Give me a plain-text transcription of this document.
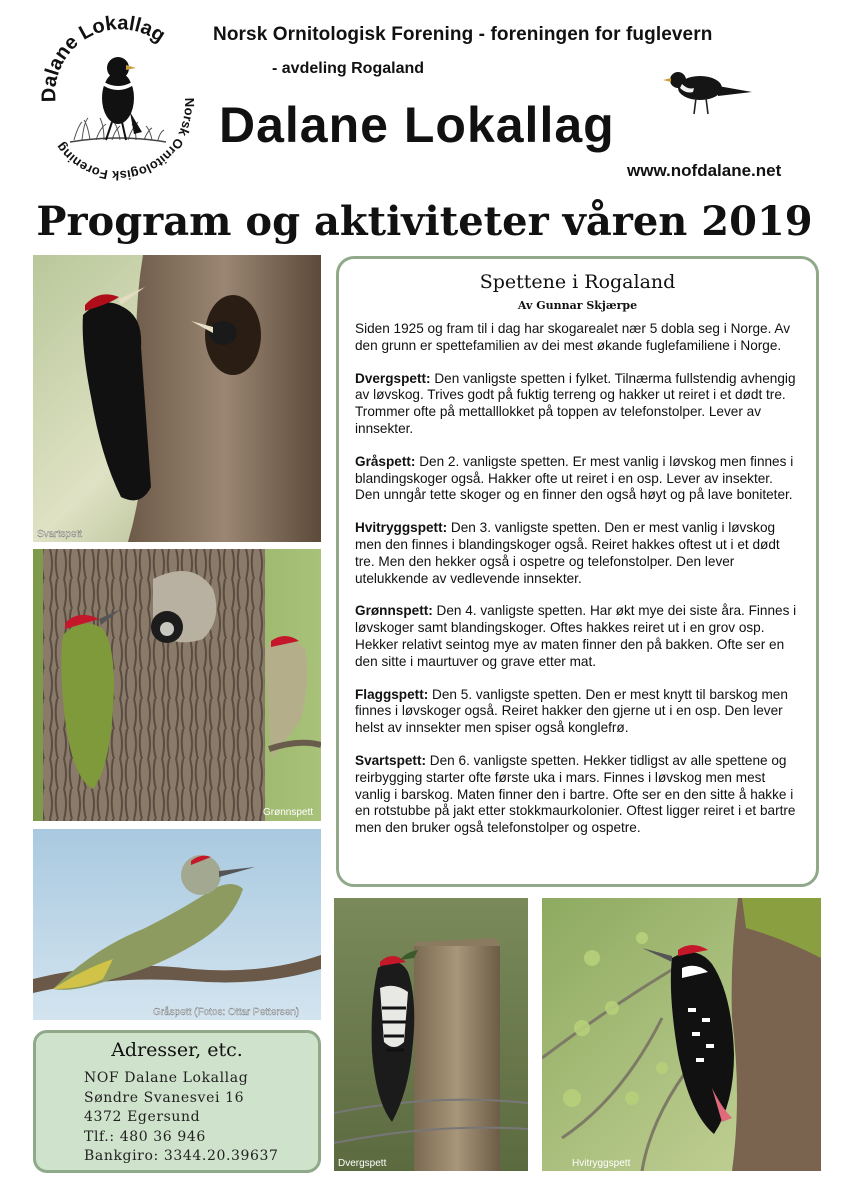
Dalane Lokallag
Norsk Ornitologisk Forening
Norsk Ornitologisk Forening - foreningen for fuglevern
- avdeling Rogaland
Dalane Lokallag
www.nofdalane.net
Program og aktiviteter våren 2019
Svartspett
Grønnspett
Gråspett (Fotos: Ottar Pettersen)
Dvergspett	Hvitryggspett
Spettene i Rogaland
Av Gunnar Skjærpe

Siden 1925 og fram til i dag har skogarealet nær 5 dobla seg i Norge. Av den grunn er spettefamilien av dei mest økande fuglefamiliene i Norge.

Dvergspett: Den vanligste spetten i fylket. Tilnærma fullstendig avhengig av løvskog. Trives godt på fuktig terreng og hakker ut reiret i et dødt tre. Trommer ofte på mettalllokket på toppen av telefonstolper. Lever av innsekter.

Gråspett: Den 2. vanligste spetten. Er mest vanlig i løvskog men finnes i blandingskoger også. Hakker ofte ut reiret i en osp. Lever av insekter. Den unngår tette skoger og en finner den også høyt og på lave boniteter.

Hvitryggspett: Den 3. vanligste spetten. Den er mest vanlig i løvskog men den finnes i blandingskoger også. Reiret hakkes oftest ut i et dødt tre. Men den hekker også i ospetre og telefonstolper. Den lever utelukkende av vedlevende innsekter.

Grønnspett: Den 4. vanligste spetten. Har økt mye dei siste åra. Finnes i løvskoger samt blandingskoger. Oftes hakkes reiret ut i en grov osp. Hekker relativt seintog mye av maten finner den på bakken. Ofte ser en den sitte i maurtuver og grave etter mat.

Flaggspett: Den 5. vanligste spetten. Den er mest knytt til barskog men finnes i løvskoger også. Reiret hakker den gjerne ut i en osp. Den lever helst av innsekter men spiser også konglefrø.

Svartspett: Den 6. vanligste spetten. Hekker tidligst av alle spettene og reirbygging starter ofte første uka i mars. Finnes i løvskog men mest vanlig i barskog. Maten finner den i bartre. Ofte ser en den sitte å hakke i en rotstubbe på jakt etter stokkmaurkolonier. Oftest ligger reiret i et bartre men den bruker også telefonstolper og ospetre.

Adresser, etc.
NOF Dalane Lokallag
Søndre Svanesvei 16
4372 Egersund
Tlf.: 480 36 946
Bankgiro: 3344.20.39637
